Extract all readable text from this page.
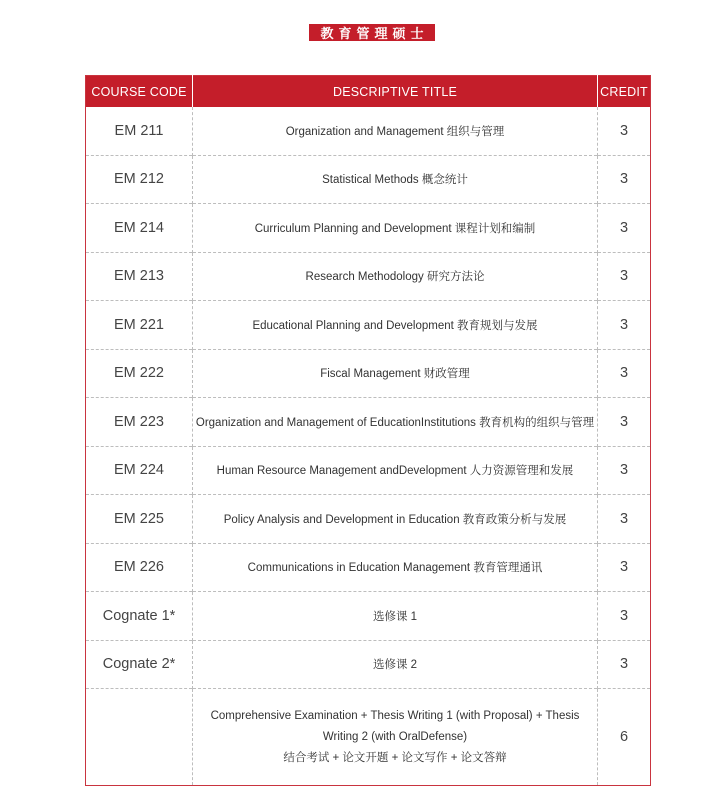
教育管理硕士
COURSE CODE	DESCRIPTIVE TITLE	CREDIT
EM 211	Organization and Management 组织与管理	3
EM 212	Statistical Methods 概念统计	3
EM 214	Curriculum Planning and Development 课程计划和编制	3
EM 213	Research Methodology 研究方法论	3
EM 221	Educational Planning and Development 教育规划与发展	3
EM 222	Fiscal Management 财政管理	3
EM 223	Organization and Management of EducationInstitutions 教育机构的组织与管理	3
EM 224	Human Resource Management andDevelopment 人力资源管理和发展	3
EM 225	Policy Analysis and Development in Education 教育政策分析与发展	3
EM 226	Communications in Education Management 教育管理通讯	3
Cognate 1*	选修课 1	3
Cognate 2*	选修课 2	3

	Comprehensive Examination + Thesis Writing 1 (with Proposal) + Thesis
Writing 2 (with OralDefense)
结合考试 + 论文开题 + 论文写作 + 论文答辩	6
